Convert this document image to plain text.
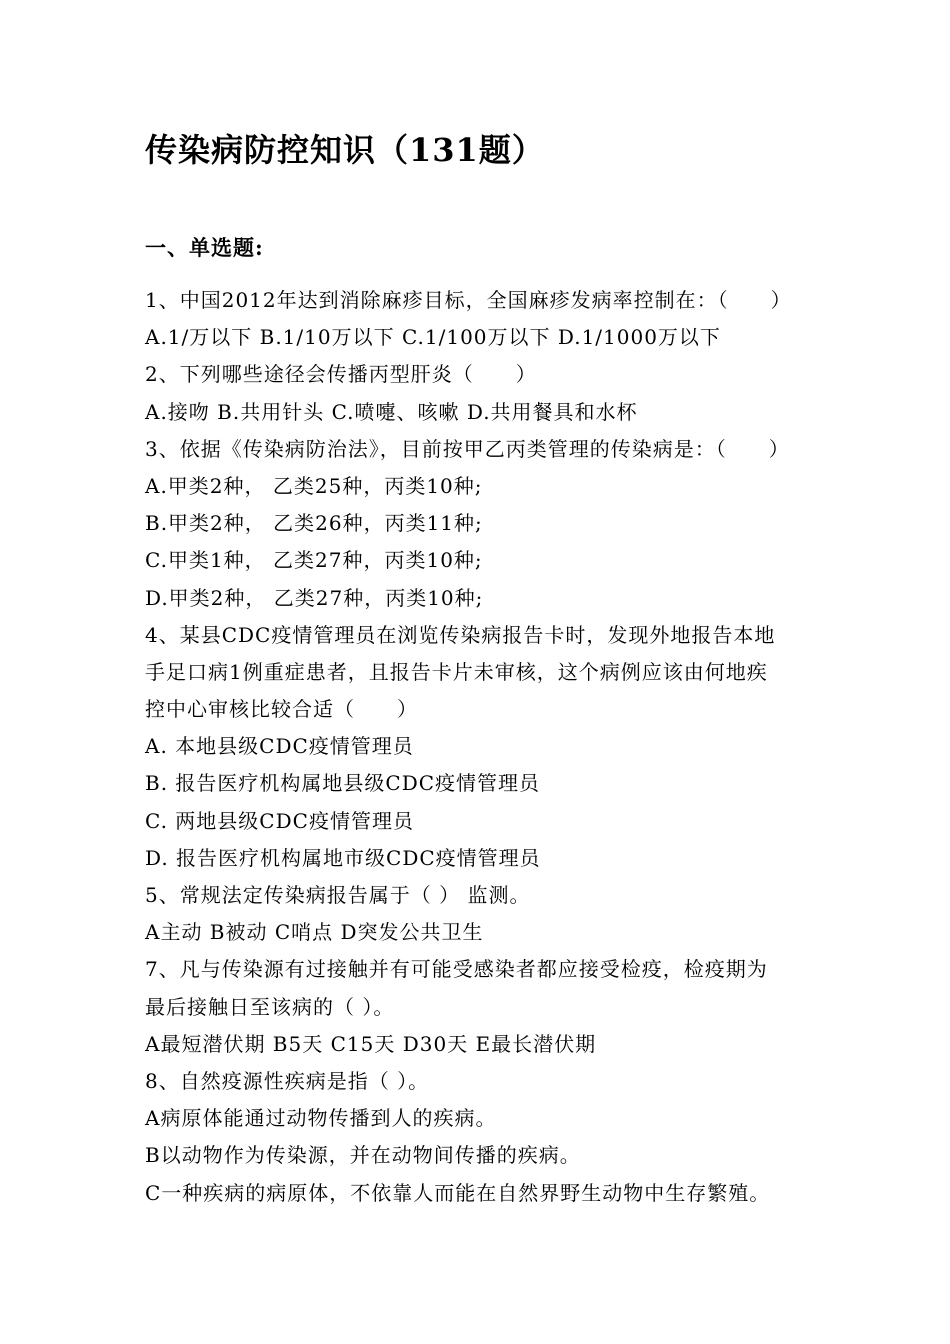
传染病防控知识（131题）
一、单选题:
1、中国2012年达到消除麻疹目标，全国麻疹发病率控制在：（　　）
A.1/万以下 B.1/10万以下 C.1/100万以下 D.1/1000万以下
2、下列哪些途径会传播丙型肝炎（　　）
A.接吻 B.共用针头 C.喷嚏、咳嗽 D.共用餐具和水杯
3、依据《传染病防治法》，目前按甲乙丙类管理的传染病是：（　　）
A.甲类2种， 乙类25种，丙类10种;
B.甲类2种， 乙类26种，丙类11种;
C.甲类1种， 乙类27种，丙类10种;
D.甲类2种， 乙类27种，丙类10种;
4、某县CDC疫情管理员在浏览传染病报告卡时，发现外地报告本地
手足口病1例重症患者，且报告卡片未审核，这个病例应该由何地疾
控中心审核比较合适（　　）
A. 本地县级CDC疫情管理员
B. 报告医疗机构属地县级CDC疫情管理员
C. 两地县级CDC疫情管理员
D. 报告医疗机构属地市级CDC疫情管理员
5、常规法定传染病报告属于（ ） 监测。
A主动 B被动 C哨点 D突发公共卫生
7、凡与传染源有过接触并有可能受感染者都应接受检疫，检疫期为
最后接触日至该病的（ ）。
A最短潜伏期 B5天 C15天 D30天 E最长潜伏期
8、自然疫源性疾病是指（ ）。
A病原体能通过动物传播到人的疾病。
B以动物作为传染源，并在动物间传播的疾病。
C一种疾病的病原体，不依靠人而能在自然界野生动物中生存繁殖。
